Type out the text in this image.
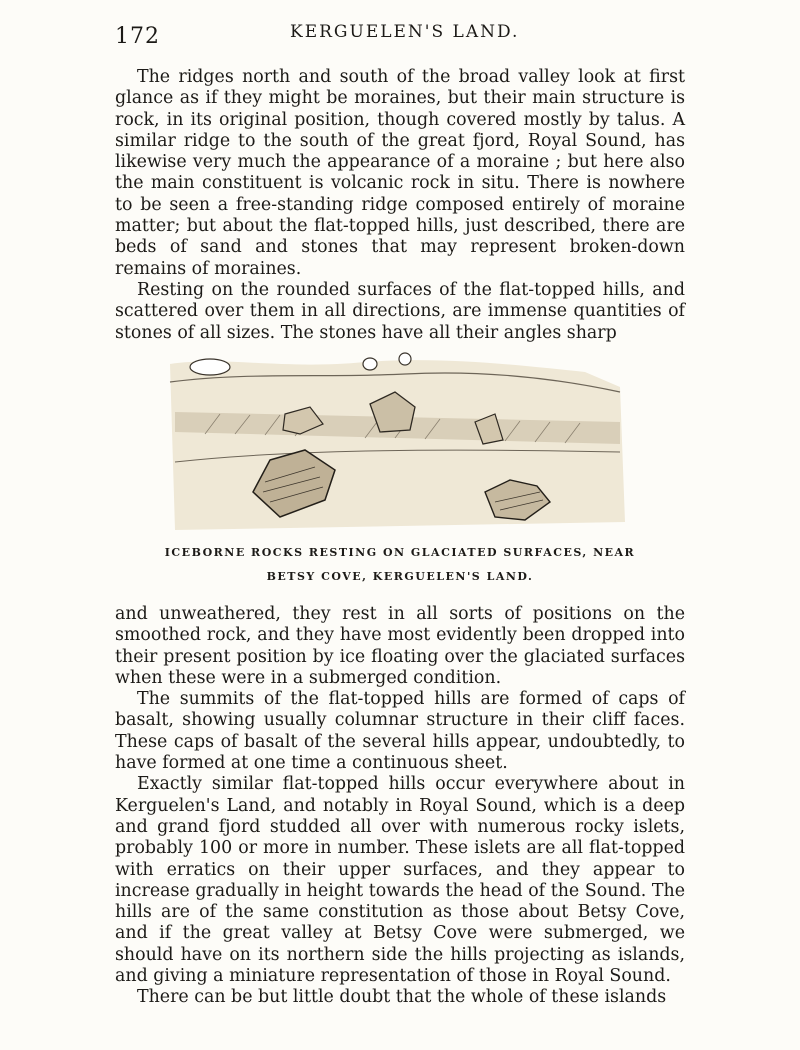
172	KERGUELEN'S LAND.

The ridges north and south of the broad valley look at first glance as if they might be moraines, but their main structure is rock, in its original position, though covered mostly by talus. A similar ridge to the south of the great fjord, Royal Sound, has likewise very much the appearance of a moraine ; but here also the main constituent is volcanic rock in situ. There is nowhere to be seen a free-standing ridge composed entirely of moraine matter; but about the flat-topped hills, just described, there are beds of sand and stones that may represent broken-down remains of moraines.

Resting on the rounded surfaces of the flat-topped hills, and scattered over them in all directions, are immense quantities of stones of all sizes. The stones have all their angles sharp

ICEBORNE ROCKS RESTING ON GLACIATED SURFACES, NEAR
BETSY COVE, KERGUELEN'S LAND.

and unweathered, they rest in all sorts of positions on the smoothed rock, and they have most evidently been dropped into their present position by ice floating over the glaciated surfaces when these were in a submerged condition.

The summits of the flat-topped hills are formed of caps of basalt, showing usually columnar structure in their cliff faces. These caps of basalt of the several hills appear, undoubtedly, to have formed at one time a continuous sheet.

Exactly similar flat-topped hills occur everywhere about in Kerguelen's Land, and notably in Royal Sound, which is a deep and grand fjord studded all over with numerous rocky islets, probably 100 or more in number. These islets are all flat-topped with erratics on their upper surfaces, and they appear to increase gradually in height towards the head of the Sound. The hills are of the same constitution as those about Betsy Cove, and if the great valley at Betsy Cove were submerged, we should have on its northern side the hills projecting as islands, and giving a miniature representation of those in Royal Sound.

There can be but little doubt that the whole of these islands
